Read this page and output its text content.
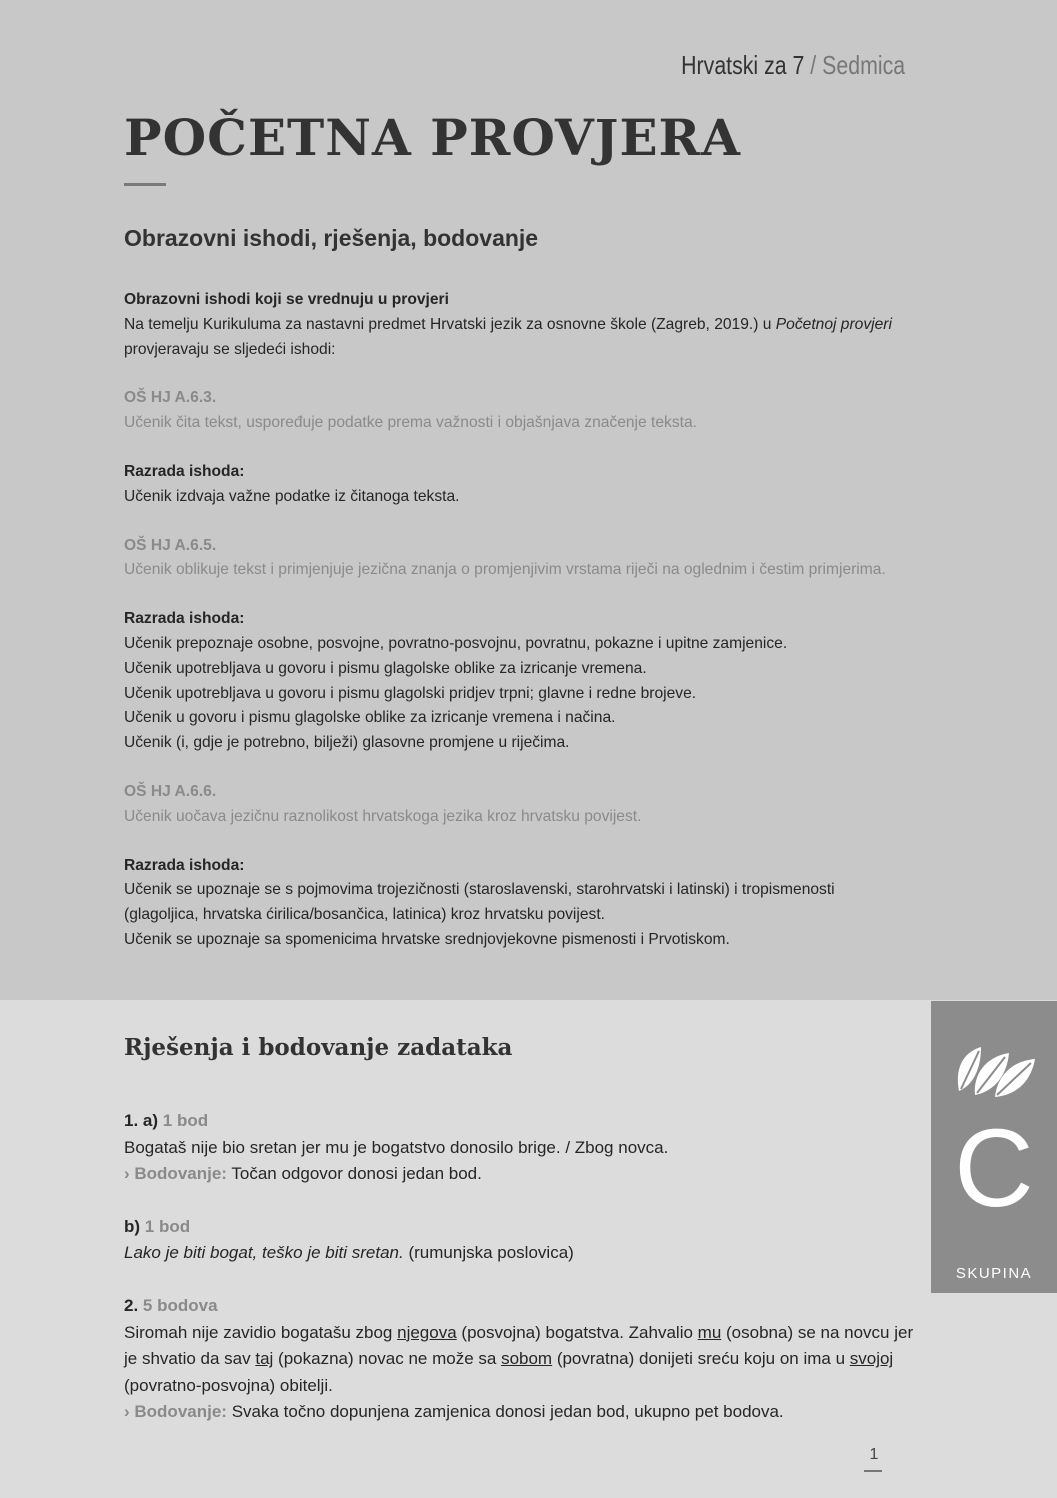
Hrvatski za 7 / Sedmica
POČETNA PROVJERA
Obrazovni ishodi, rješenja, bodovanje

Obrazovni ishodi koji se vrednuju u provjeri

Na temelju Kurikuluma za nastavni predmet Hrvatski jezik za osnovne škole (Zagreb, 2019.) u Početnoj provjeri
provjeravaju se sljedeći ishodi:

OŠ HJ A.6.3.

Učenik čita tekst, uspoređuje podatke prema važnosti i objašnjava značenje teksta.

Razrada ishoda:

Učenik izdvaja važne podatke iz čitanoga teksta.

OŠ HJ A.6.5.

Učenik oblikuje tekst i primjenjuje jezična znanja o promjenjivim vrstama riječi na oglednim i čestim primjerima.

Razrada ishoda:

Učenik prepoznaje osobne, posvojne, povratno-posvojnu, povratnu, pokazne i upitne zamjenice.

Učenik upotrebljava u govoru i pismu glagolske oblike za izricanje vremena.

Učenik upotrebljava u govoru i pismu glagolski pridjev trpni; glavne i redne brojeve.

Učenik u govoru i pismu glagolske oblike za izricanje vremena i načina.

Učenik (i, gdje je potrebno, bilježi) glasovne promjene u riječima.

OŠ HJ A.6.6.

Učenik uočava jezičnu raznolikost hrvatskoga jezika kroz hrvatsku povijest.

Razrada ishoda:

Učenik se upoznaje se s pojmovima trojezičnosti (staroslavenski, starohrvatski i latinski) i tropismenosti

(glagoljica, hrvatska ćirilica/bosančica, latinica) kroz hrvatsku povijest.

Učenik se upoznaje sa spomenicima hrvatske srednjovjekovne pismenosti i Prvotiskom.

Rješenja i bodovanje zadataka

1. a) 1 bod

Bogataš nije bio sretan jer mu je bogatstvo donosilo brige. / Zbog novca.

› Bodovanje: Točan odgovor donosi jedan bod.

b) 1 bod

Lako je biti bogat, teško je biti sretan. (rumunjska poslovica)

2. 5 bodova

Siromah nije zavidio bogatašu zbog njegova (posvojna) bogatstva. Zahvalio mu (osobna) se na novcu jer
je shvatio da sav taj (pokazna) novac ne može sa sobom (povratna) donijeti sreću koju on ima u svojoj
(povratno-posvojna) obitelji.

› Bodovanje: Svaka točno dopunjena zamjenica donosi jedan bod, ukupno pet bodova.

C
SKUPINA
1
